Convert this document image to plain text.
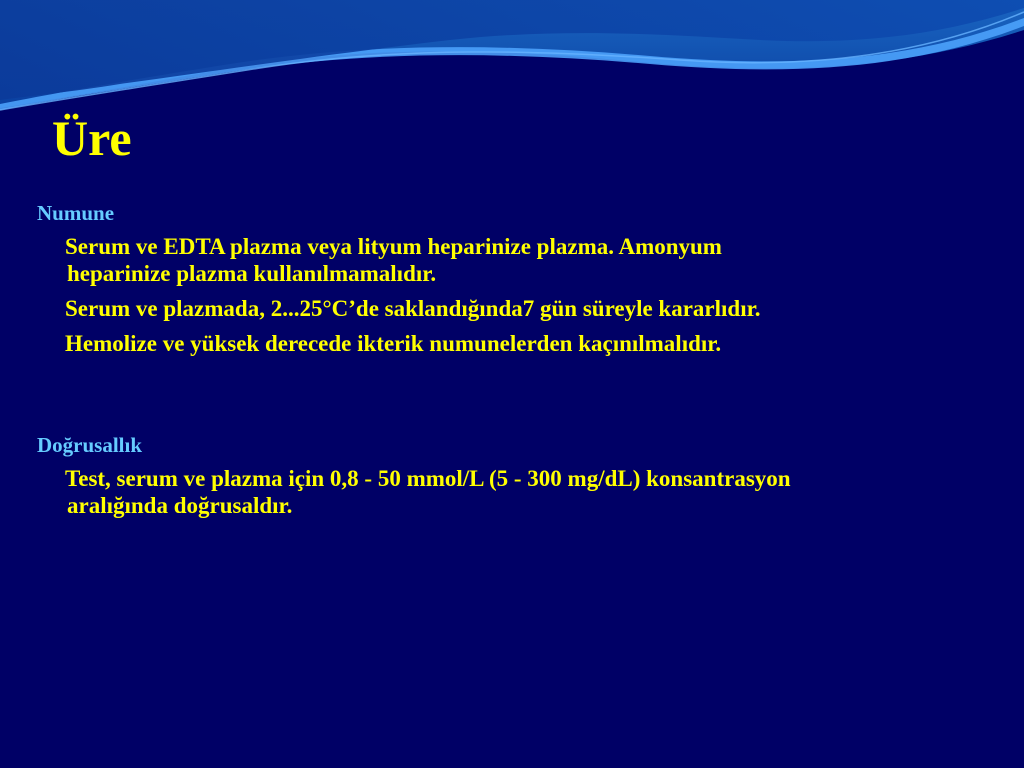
Üre

Numune

Serum ve EDTA plazma veya lityum heparinize plazma. Amonyum
heparinize plazma kullanılmamalıdır.

Serum ve plazmada, 2...25°C’de saklandığında7 gün süreyle kararlıdır.

Hemolize ve yüksek derecede ikterik numunelerden kaçınılmalıdır.

Doğrusallık

Test, serum ve plazma için 0,8 - 50 mmol/L (5 - 300 mg/dL) konsantrasyon
aralığında doğrusaldır.
